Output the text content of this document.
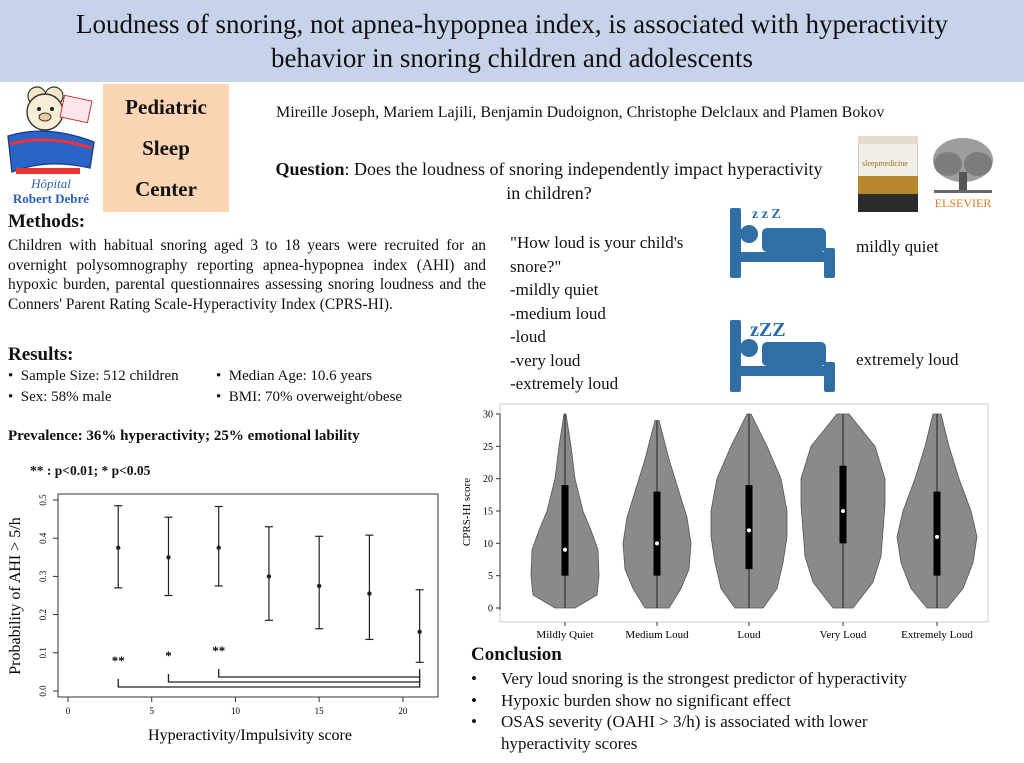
Loudness of snoring, not apnea-hypopnea index, is associated with hyperactivity
behavior in snoring children and adolescents
Hôpital
Robert Debré
Pediatric
Sleep
Center
Mireille Joseph, Mariem Lajili, Benjamin Dudoignon, Christophe Delclaux and Plamen Bokov
Question: Does the loudness of snoring independently impact hyperactivity
in children?
sleepmedicine
ELSEVIER
Methods:
Children with habitual snoring aged 3 to 18 years were recruited for an overnight polysomnography reporting apnea-hypopnea index (AHI) and hypoxic burden, parental questionnaires assessing snoring loudness and the Conners' Parent Rating Scale-Hyperactivity Index (CPRS-HI).
Results:
•  Sample Size: 512 children •  Median Age: 10.6 years
•  Sex: 58% male	•  BMI: 70% overweight/obese
Prevalence: 36% hyperactivity; 25% emotional lability
** : p<0.01; * p<0.05
0.0
0.1
0.2
0.3
0.4
0.5
0	5	10	15	20
**	*	**
Probability of AHI > 5/h
Hyperactivity/Impulsivity score
"How loud is your child's
snore?"
-mildly quiet
-medium loud
-loud
-very loud
-extremely loud
z z Z
mildly quiet
zZZ
extremely loud
0
5
10
15
20
25
30
Mildly Quiet	Medium Loud	Loud	Very Loud	Extremely Loud
CPRS-HI score
Conclusion
•	Very loud snoring is the strongest predictor of hyperactivity
•	Hypoxic burden show no significant effect
•	OSAS severity (OAHI > 3/h) is associated with lower hyperactivity scores
